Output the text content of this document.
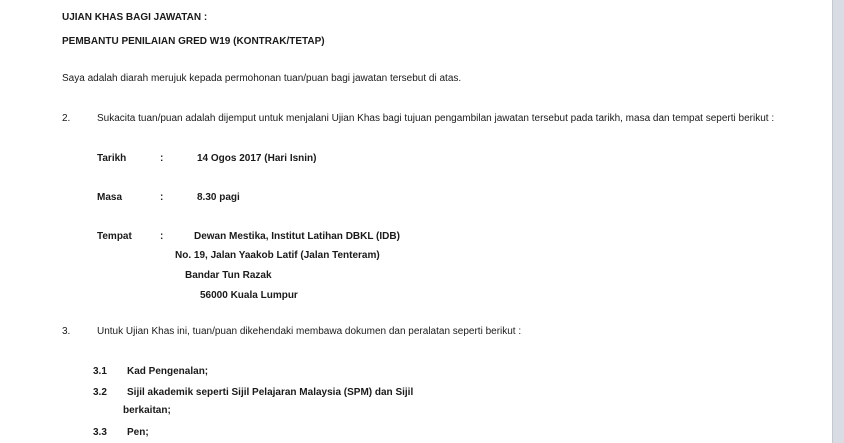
UJIAN KHAS BAGI JAWATAN :
PEMBANTU PENILAIAN GRED W19 (KONTRAK/TETAP)
Saya adalah diarah merujuk kepada permohonan tuan/puan bagi jawatan tersebut di atas.
2.	Sukacita tuan/puan adalah dijemput untuk menjalani Ujian Khas bagi tujuan pengambilan jawatan tersebut pada tarikh, masa dan tempat seperti berikut :
Tarikh	:	14 Ogos 2017 (Hari Isnin)
Masa	:	8.30 pagi
Tempat	:	Dewan Mestika, Institut Latihan DBKL (IDB)
No. 19, Jalan Yaakob Latif (Jalan Tenteram)
Bandar Tun Razak
56000 Kuala Lumpur
3.	Untuk Ujian Khas ini, tuan/puan dikehendaki membawa dokumen dan peralatan seperti berikut :
3.1 Kad Pengenalan;
3.2 Sijil akademik seperti Sijil Pelajaran Malaysia (SPM) dan Sijil
berkaitan;
3.3 Pen;
